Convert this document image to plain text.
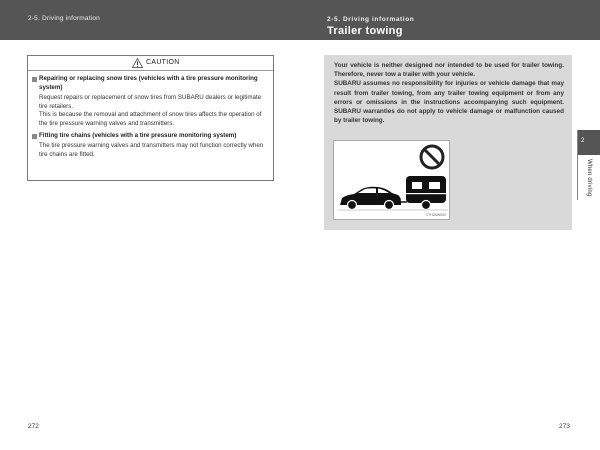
2-5. Driving information	2-5. Driving information
Trailer towing
CAUTION
Repairing or replacing snow tires (vehicles with a tire pressure monitoring system)
Request repairs or replacement of snow tires from SUBARU dealers or legitimate tire retailers.
This is because the removal and attachment of snow tires affects the operation of the tire pressure warning valves and transmitters.
Fitting tire chains (vehicles with a tire pressure monitoring system)
The tire pressure warning valves and transmitters may not function correctly when tire chains are fitted.
Your vehicle is neither designed nor intended to be used for trailer towing. Therefore, never tow a trailer with your vehicle.
SUBARU assumes no responsibility for injuries or vehicle damage that may result from trailer towing, from any trailer towing equipment or from any errors or omissions in the instructions accompanying such equipment. SUBARU warranties do not apply to vehicle damage or malfunction caused by trailer towing.
CTH2AW002
2
When driving
272	273
